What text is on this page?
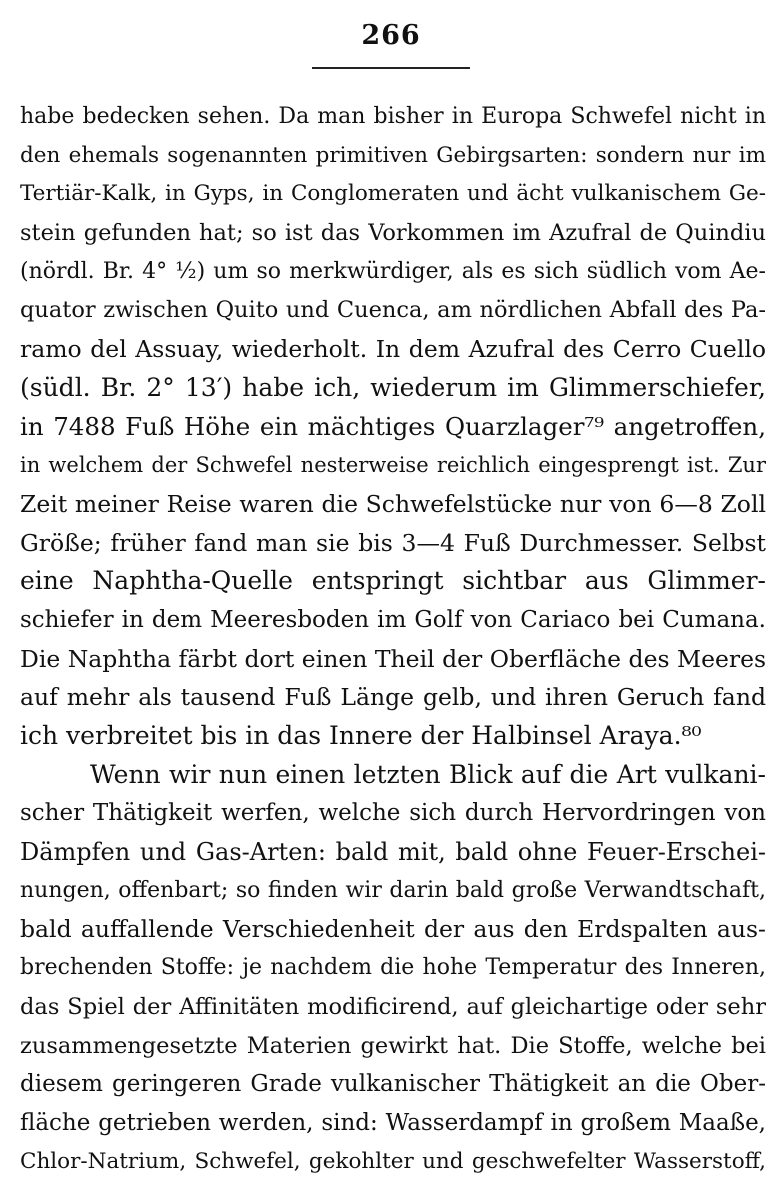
266
habe bedecken sehen. Da man bisher in Europa Schwefel nicht in
den ehemals sogenannten primitiven Gebirgsarten: sondern nur im
Tertiär-Kalk, in Gyps, in Conglomeraten und ächt vulkanischem Ge-
stein gefunden hat; so ist das Vorkommen im Azufral de Quindiu
(nördl. Br. 4° ½) um so merkwürdiger, als es sich südlich vom Ae-
quator zwischen Quito und Cuenca, am nördlichen Abfall des Pa-
ramo del Assuay, wiederholt. In dem Azufral des Cerro Cuello
(südl. Br. 2° 13′) habe ich, wiederum im Glimmerschiefer,
in 7488 Fuß Höhe ein mächtiges Quarzlager⁷⁹ angetroffen,
in welchem der Schwefel nesterweise reichlich eingesprengt ist. Zur
Zeit meiner Reise waren die Schwefelstücke nur von 6—8 Zoll
Größe; früher fand man sie bis 3—4 Fuß Durchmesser. Selbst
eine Naphtha-Quelle entspringt sichtbar aus Glimmer-
schiefer in dem Meeresboden im Golf von Cariaco bei Cumana.
Die Naphtha färbt dort einen Theil der Oberfläche des Meeres
auf mehr als tausend Fuß Länge gelb, und ihren Geruch fand
ich verbreitet bis in das Innere der Halbinsel Araya.⁸⁰
Wenn wir nun einen letzten Blick auf die Art vulkani-
scher Thätigkeit werfen, welche sich durch Hervordringen von
Dämpfen und Gas-Arten: bald mit, bald ohne Feuer-Erschei-
nungen, offenbart; so finden wir darin bald große Verwandtschaft,
bald auffallende Verschiedenheit der aus den Erdspalten aus-
brechenden Stoffe: je nachdem die hohe Temperatur des Inneren,
das Spiel der Affinitäten modificirend, auf gleichartige oder sehr
zusammengesetzte Materien gewirkt hat. Die Stoffe, welche bei
diesem geringeren Grade vulkanischer Thätigkeit an die Ober-
fläche getrieben werden, sind: Wasserdampf in großem Maaße,
Chlor-Natrium, Schwefel, gekohlter und geschwefelter Wasserstoff,
